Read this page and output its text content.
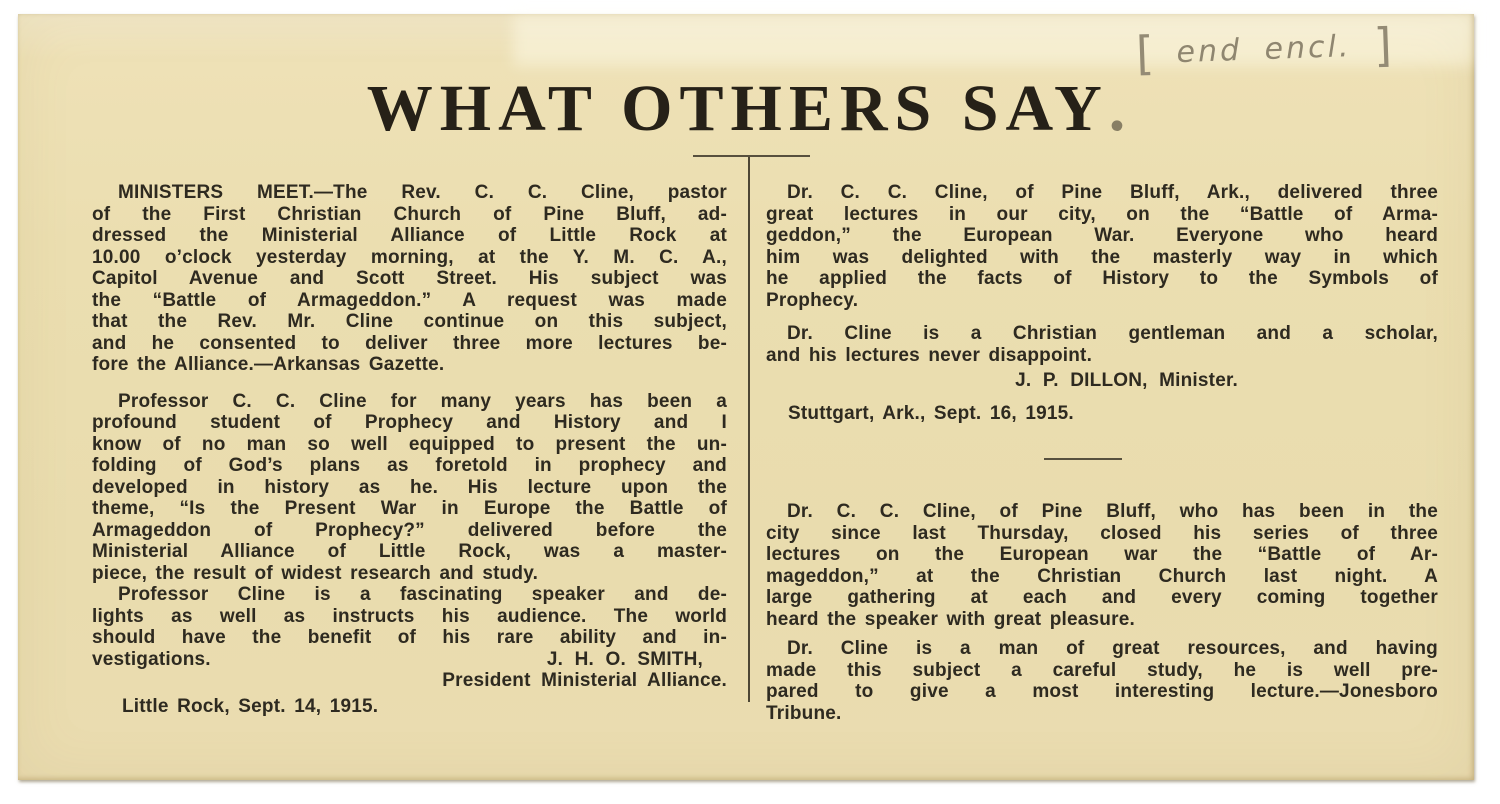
[ end encl. ]
WHAT OTHERS SAY.
MINISTERS MEET.—The Rev. C. C. Cline, pastor
of the First Christian Church of Pine Bluff, ad-
dressed the Ministerial Alliance of Little Rock at
10.00 o’clock yesterday morning, at the Y. M. C. A.,
Capitol Avenue and Scott Street. His subject was
the “Battle of Armageddon.” A request was made
that the Rev. Mr. Cline continue on this subject,
and he consented to deliver three more lectures be-
fore the Alliance.—Arkansas Gazette.
Professor C. C. Cline for many years has been a
profound student of Prophecy and History and I
know of no man so well equipped to present the un-
folding of God’s plans as foretold in prophecy and
developed in history as he. His lecture upon the
theme, “Is the Present War in Europe the Battle of
Armageddon of Prophecy?” delivered before the
Ministerial Alliance of Little Rock, was a master-
piece, the result of widest research and study.
Professor Cline is a fascinating speaker and de-
lights as well as instructs his audience. The world
should have the benefit of his rare ability and in-
vestigations.	J. H. O. SMITH,
President Ministerial Alliance.
Little Rock, Sept. 14, 1915.
Dr. C. C. Cline, of Pine Bluff, Ark., delivered three
great lectures in our city, on the “Battle of Arma-
geddon,” the European War. Everyone who heard
him was delighted with the masterly way in which
he applied the facts of History to the Symbols of
Prophecy.
Dr. Cline is a Christian gentleman and a scholar,
and his lectures never disappoint.
J. P. DILLON, Minister.
Stuttgart, Ark., Sept. 16, 1915.
Dr. C. C. Cline, of Pine Bluff, who has been in the
city since last Thursday, closed his series of three
lectures on the European war the “Battle of Ar-
mageddon,” at the Christian Church last night. A
large gathering at each and every coming together
heard the speaker with great pleasure.
Dr. Cline is a man of great resources, and having
made this subject a careful study, he is well pre-
pared to give a most interesting lecture.—Jonesboro
Tribune.
